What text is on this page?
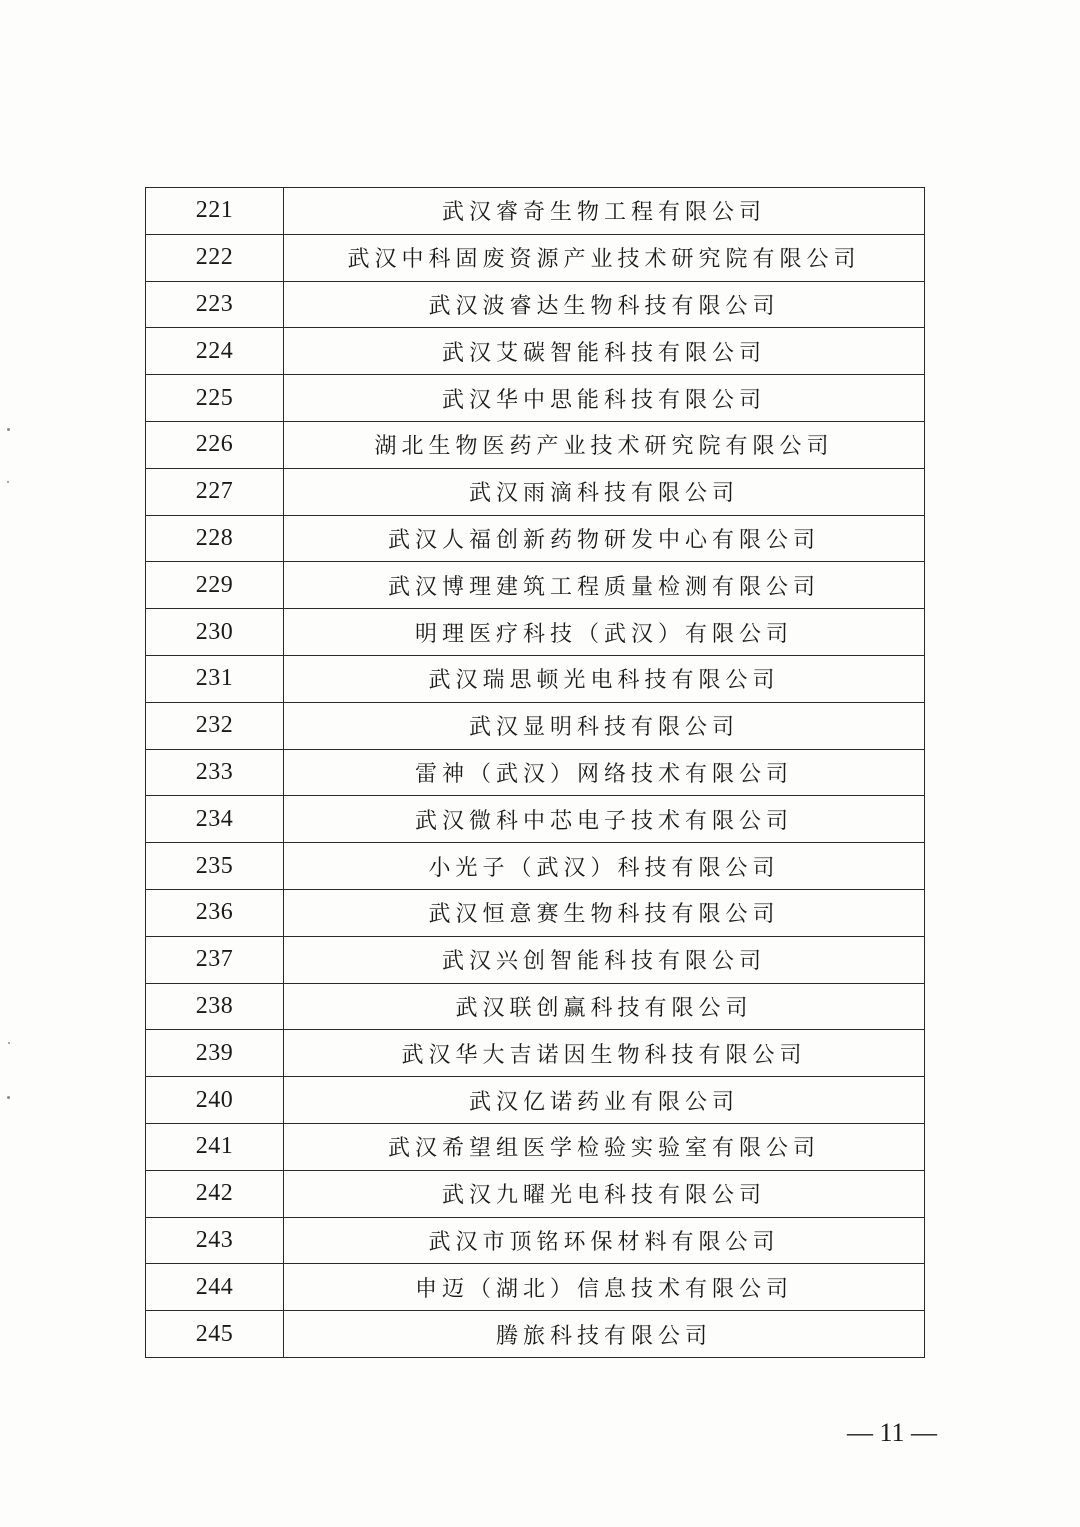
221	武汉睿奇生物工程有限公司
222	武汉中科固废资源产业技术研究院有限公司
223	武汉波睿达生物科技有限公司
224	武汉艾碳智能科技有限公司
225	武汉华中思能科技有限公司
226	湖北生物医药产业技术研究院有限公司
227	武汉雨滴科技有限公司
228	武汉人福创新药物研发中心有限公司
229	武汉博理建筑工程质量检测有限公司
230	明理医疗科技（武汉）有限公司
231	武汉瑞思顿光电科技有限公司
232	武汉显明科技有限公司
233	雷神（武汉）网络技术有限公司
234	武汉微科中芯电子技术有限公司
235	小光子（武汉）科技有限公司
236	武汉恒意赛生物科技有限公司
237	武汉兴创智能科技有限公司
238	武汉联创赢科技有限公司
239	武汉华大吉诺因生物科技有限公司
240	武汉亿诺药业有限公司
241	武汉希望组医学检验实验室有限公司
242	武汉九曜光电科技有限公司
243	武汉市顶铭环保材料有限公司
244	申迈（湖北）信息技术有限公司
245	腾旅科技有限公司
— 11 —
